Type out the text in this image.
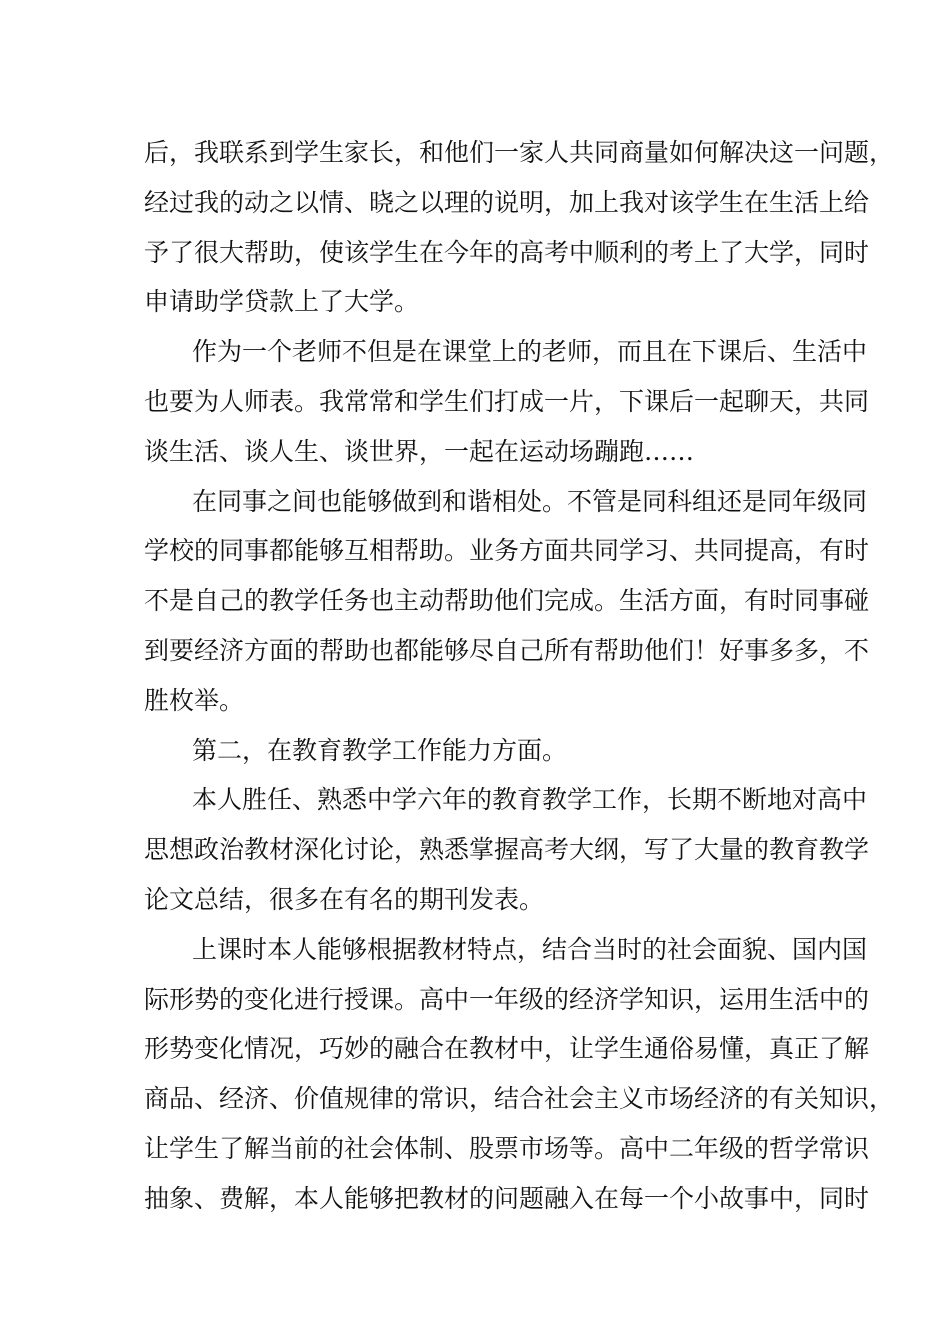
后，我联系到学生家长，和他们一家人共同商量如何解决这一问题，
经过我的动之以情、晓之以理的说明，加上我对该学生在生活上给
予了很大帮助，使该学生在今年的高考中顺利的考上了大学，同时
申请助学贷款上了大学。
作为一个老师不但是在课堂上的老师，而且在下课后、生活中
也要为人师表。我常常和学生们打成一片，下课后一起聊天，共同
谈生活、谈人生、谈世界，一起在运动场蹦跑……
在同事之间也能够做到和谐相处。不管是同科组还是同年级同
学校的同事都能够互相帮助。业务方面共同学习、共同提高，有时
不是自己的教学任务也主动帮助他们完成。生活方面，有时同事碰
到要经济方面的帮助也都能够尽自己所有帮助他们！好事多多，不
胜枚举。
第二，在教育教学工作能力方面。
本人胜任、熟悉中学六年的教育教学工作，长期不断地对高中
思想政治教材深化讨论，熟悉掌握高考大纲，写了大量的教育教学
论文总结，很多在有名的期刊发表。
上课时本人能够根据教材特点，结合当时的社会面貌、国内国
际形势的变化进行授课。高中一年级的经济学知识，运用生活中的
形势变化情况，巧妙的融合在教材中，让学生通俗易懂，真正了解
商品、经济、价值规律的常识，结合社会主义市场经济的有关知识，
让学生了解当前的社会体制、股票市场等。高中二年级的哲学常识
抽象、费解，本人能够把教材的问题融入在每一个小故事中，同时
